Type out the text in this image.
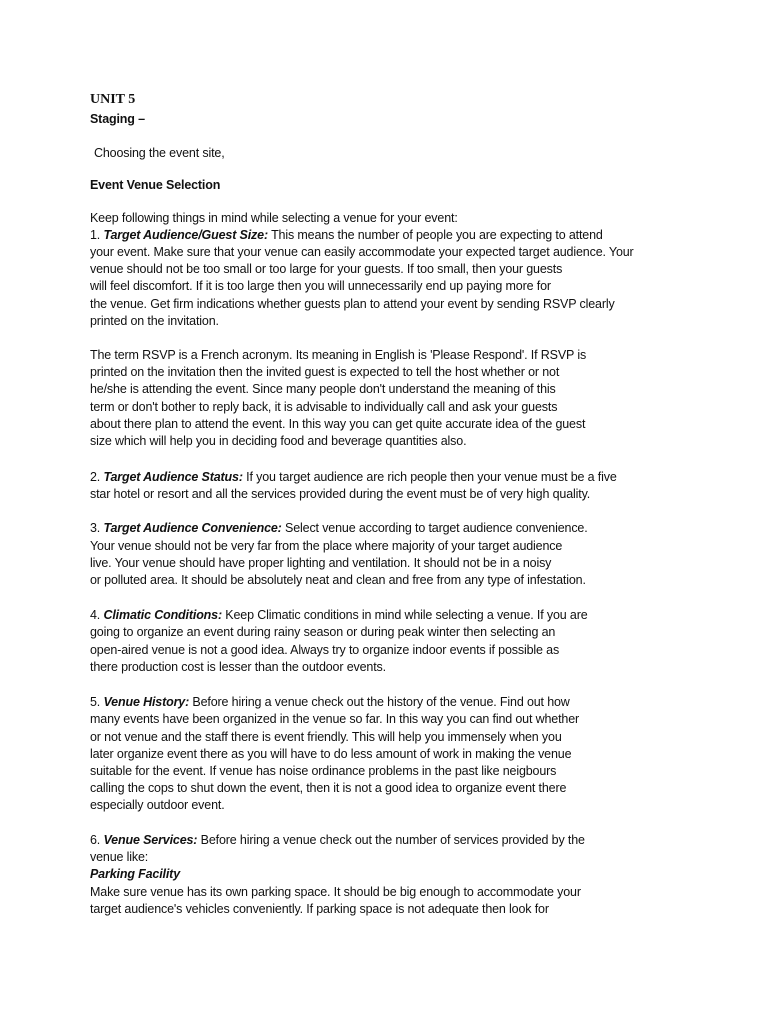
UNIT 5
Staging –
Choosing the event site,
Event Venue Selection
Keep following things in mind while selecting a venue for your event:
1. Target Audience/Guest Size: This means the number of people you are expecting to attend
your event. Make sure that your venue can easily accommodate your expected target audience. Your
venue should not be too small or too large for your guests. If too small, then your guests
will feel discomfort. If it is too large then you will unnecessarily end up paying more for
the venue. Get firm indications whether guests plan to attend your event by sending RSVP clearly
printed on the invitation.
The term RSVP is a French acronym. Its meaning in English is 'Please Respond'. If RSVP is
printed on the invitation then the invited guest is expected to tell the host whether or not
he/she is attending the event. Since many people don't understand the meaning of this
term or don't bother to reply back, it is advisable to individually call and ask your guests
about there plan to attend the event. In this way you can get quite accurate idea of the guest
size which will help you in deciding food and beverage quantities also.
2. Target Audience Status: If you target audience are rich people then your venue must be a five
star hotel or resort and all the services provided during the event must be of very high quality.
3. Target Audience Convenience: Select venue according to target audience convenience.
Your venue should not be very far from the place where majority of your target audience
live. Your venue should have proper lighting and ventilation. It should not be in a noisy
or polluted area. It should be absolutely neat and clean and free from any type of infestation.
4. Climatic Conditions: Keep Climatic conditions in mind while selecting a venue. If you are
going to organize an event during rainy season or during peak winter then selecting an
open-aired venue is not a good idea. Always try to organize indoor events if possible as
there production cost is lesser than the outdoor events.
5. Venue History: Before hiring a venue check out the history of the venue. Find out how
many events have been organized in the venue so far. In this way you can find out whether
or not venue and the staff there is event friendly. This will help you immensely when you
later organize event there as you will have to do less amount of work in making the venue
suitable for the event. If venue has noise ordinance problems in the past like neigbours
calling the cops to shut down the event, then it is not a good idea to organize event there
especially outdoor event.
6. Venue Services: Before hiring a venue check out the number of services provided by the
venue like:
Parking Facility
Make sure venue has its own parking space. It should be big enough to accommodate your
target audience's vehicles conveniently. If parking space is not adequate then look for
